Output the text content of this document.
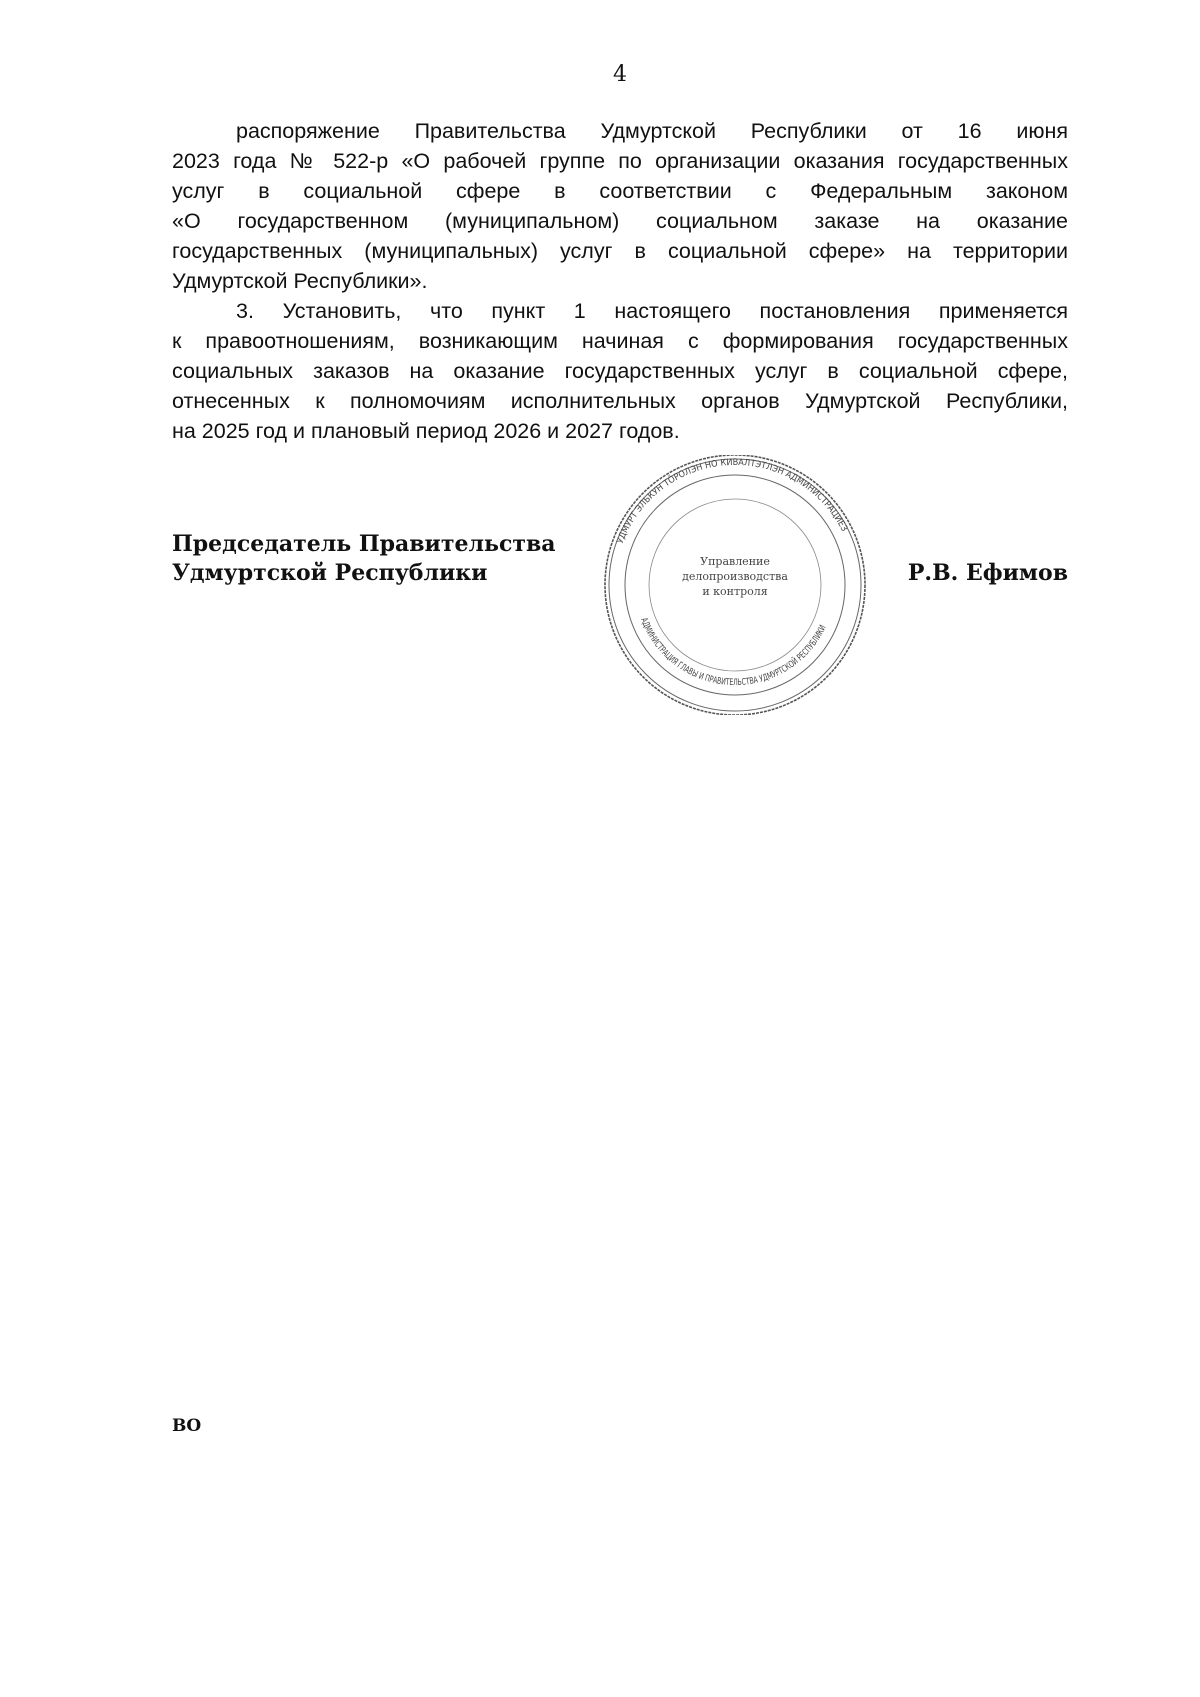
4
распоряжение Правительства Удмуртской Республики от 16 июня
2023 года № 522-р «О рабочей группе по организации оказания государственных
услуг в социальной сфере в соответствии с Федеральным законом
«О государственном (муниципальном) социальном заказе на оказание
государственных (муниципальных) услуг в социальной сфере» на территории
Удмуртской Республики».
3. Установить, что пункт 1 настоящего постановления применяется
к правоотношениям, возникающим начиная с формирования государственных
социальных заказов на оказание государственных услуг в социальной сфере,
отнесенных к полномочиям исполнительных органов Удмуртской Республики,
на 2025 год и плановый период 2026 и 2027 годов.
Председатель Правительства
Удмуртской Республики	Р.В. Ефимов
УДМУРТ ЭЛЬКУН ТӦРОЛЭН НО КИВАЛТЭТЛЭН АДМИНИСТРАЦИЕЗ
АДМИНИСТРАЦИЯ ГЛАВЫ И ПРАВИТЕЛЬСТВА УДМУРТСКОЙ РЕСПУБЛИКИ
Управление
делопроизводства
и контроля
ВО
